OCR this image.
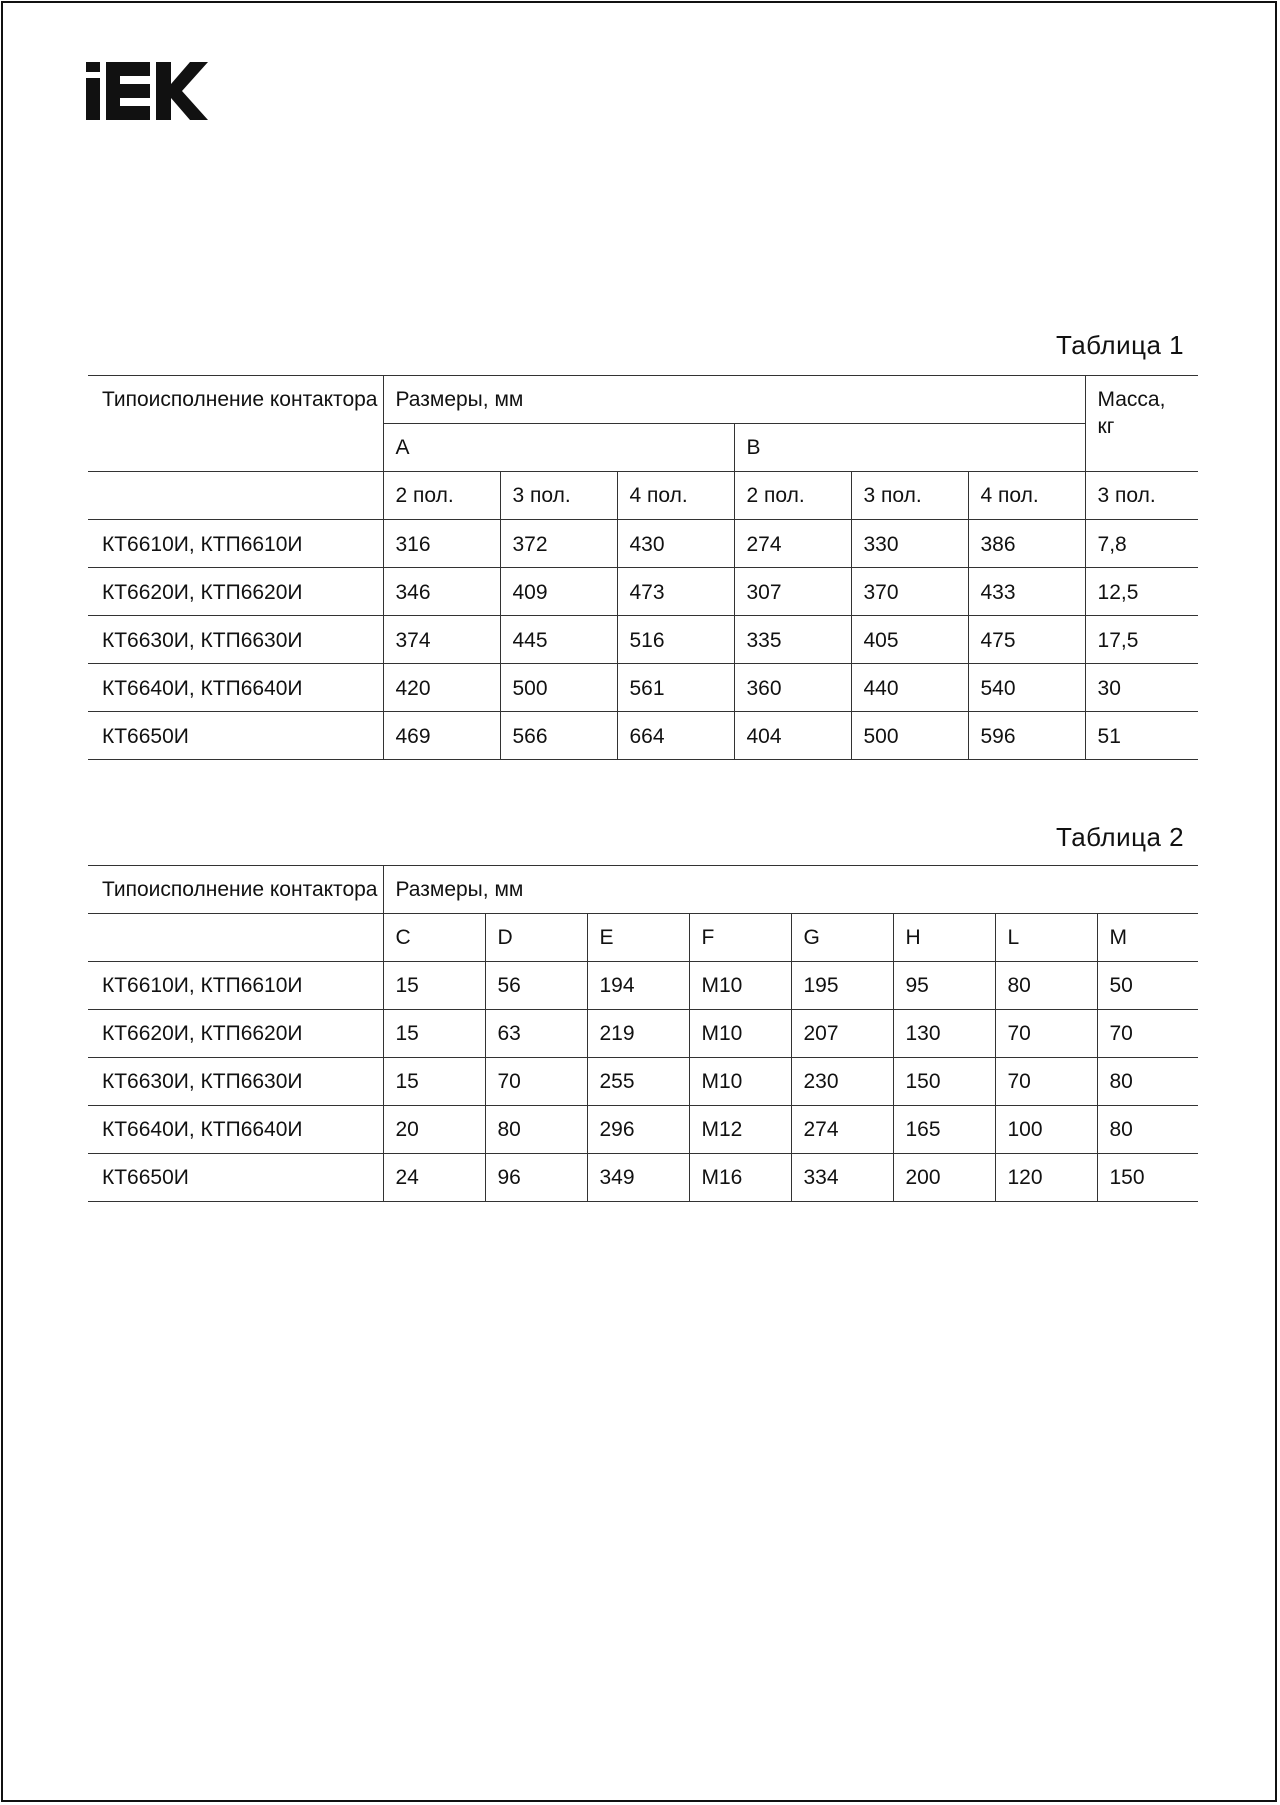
Таблица 1
Типоисполнение контактора	Размеры, мм						Масса, кг
	А			В			
	2 пол.	3 пол.	4 пол.	2 пол.	3 пол.	4 пол.	3 пол.
КТ6610И, КТП6610И	316	372	430	274	330	386	7,8
КТ6620И, КТП6620И	346	409	473	307	370	433	12,5
КТ6630И, КТП6630И	374	445	516	335	405	475	17,5
КТ6640И, КТП6640И	420	500	561	360	440	540	30
КТ6650И	469	566	664	404	500	596	51
Таблица 2
Типоисполнение контактора	Размеры, мм							
	C	D	E	F	G	H	L	M
КТ6610И, КТП6610И	15	56	194	M10	195	95	80	50
КТ6620И, КТП6620И	15	63	219	M10	207	130	70	70
КТ6630И, КТП6630И	15	70	255	M10	230	150	70	80
КТ6640И, КТП6640И	20	80	296	M12	274	165	100	80
КТ6650И	24	96	349	M16	334	200	120	150
